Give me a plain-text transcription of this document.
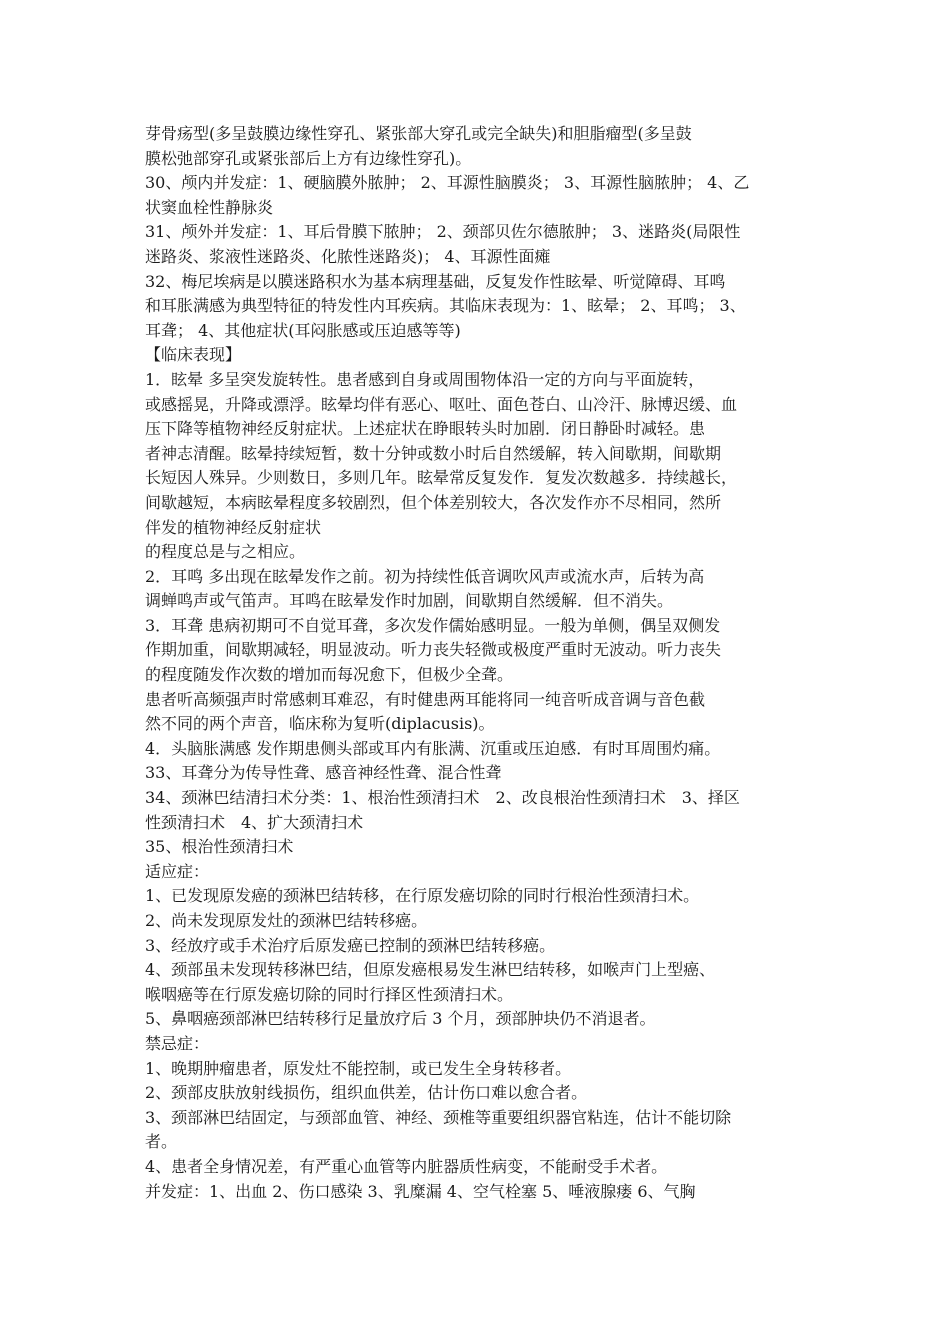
芽骨疡型(多呈鼓膜边缘性穿孔、紧张部大穿孔或完全缺失)和胆脂瘤型(多呈鼓
膜松弛部穿孔或紧张部后上方有边缘性穿孔)。
30、颅内并发症：1、硬脑膜外脓肿； 2、耳源性脑膜炎； 3、耳源性脑脓肿； 4、乙
状窦血栓性静脉炎
31、颅外并发症：1、耳后骨膜下脓肿； 2、颈部贝佐尔德脓肿； 3、迷路炎(局限性
迷路炎、浆液性迷路炎、化脓性迷路炎)； 4、耳源性面瘫
32、梅尼埃病是以膜迷路积水为基本病理基础，反复发作性眩晕、听觉障碍、耳鸣
和耳胀满感为典型特征的特发性内耳疾病。其临床表现为：1、眩晕； 2、耳鸣； 3、
耳聋； 4、其他症状(耳闷胀感或压迫感等等)
【临床表现】
1．眩晕 多呈突发旋转性。患者感到自身或周围物体沿一定的方向与平面旋转，
或感摇晃，升降或漂浮。眩晕均伴有恶心、呕吐、面色苍白、山冷汗、脉博迟缓、血
压下降等植物神经反射症状。上述症状在睁眼转头时加剧．闭日静卧时减轻。患
者神志清醒。眩晕持续短暂，数十分钟或数小时后自然缓解，转入间歇期，间歇期
长短因人殊异。少则数日，多则几年。眩晕常反复发作．复发次数越多．持续越长，
间歇越短，本病眩晕程度多较剧烈，但个体差别较大，各次发作亦不尽相同，然所
伴发的植物神经反射症状
的程度总是与之相应。
2．耳鸣 多出现在眩晕发作之前。初为持续性低音调吹风声或流水声，后转为高
调蝉鸣声或气笛声。耳鸣在眩晕发作时加剧，间歇期自然缓解．但不消失。
3．耳聋 患病初期可不自觉耳聋，多次发作儒始感明显。一般为单侧，偶呈双侧发
作期加重，间歇期减轻，明显波动。听力丧失轻微或极度严重时无波动。听力丧失
的程度随发作次数的增加而每况愈下，但极少全聋。
患者听高频强声时常感刺耳难忍，有时健患两耳能将同一纯音听成音调与音色截
然不同的两个声音，临床称为复听(diplacusis)。
4．头脑胀满感 发作期患侧头部或耳内有胀满、沉重或压迫感．有时耳周围灼痛。
33、耳聋分为传导性聋、感音神经性聋、混合性聋
34、颈淋巴结清扫术分类：1、根治性颈清扫术　2、改良根治性颈清扫术　3、择区
性颈清扫术　4、扩大颈清扫术
35、根治性颈清扫术
适应症：
1、已发现原发癌的颈淋巴结转移，在行原发癌切除的同时行根治性颈清扫术。
2、尚未发现原发灶的颈淋巴结转移癌。
3、经放疗或手术治疗后原发癌已控制的颈淋巴结转移癌。
4、颈部虽未发现转移淋巴结，但原发癌根易发生淋巴结转移，如喉声门上型癌、
喉咽癌等在行原发癌切除的同时行择区性颈清扫术。
5、鼻咽癌颈部淋巴结转移行足量放疗后 3 个月，颈部肿块仍不消退者。
禁忌症：
1、晚期肿瘤患者，原发灶不能控制，或已发生全身转移者。
2、颈部皮肤放射线损伤，组织血供差，估计伤口难以愈合者。
3、颈部淋巴结固定，与颈部血管、神经、颈椎等重要组织器官粘连，估计不能切除
者。
4、患者全身情况差，有严重心血管等内脏器质性病变，不能耐受手术者。
并发症：1、出血 2、伤口感染 3、乳糜漏 4、空气栓塞 5、唾液腺瘘 6、气胸
